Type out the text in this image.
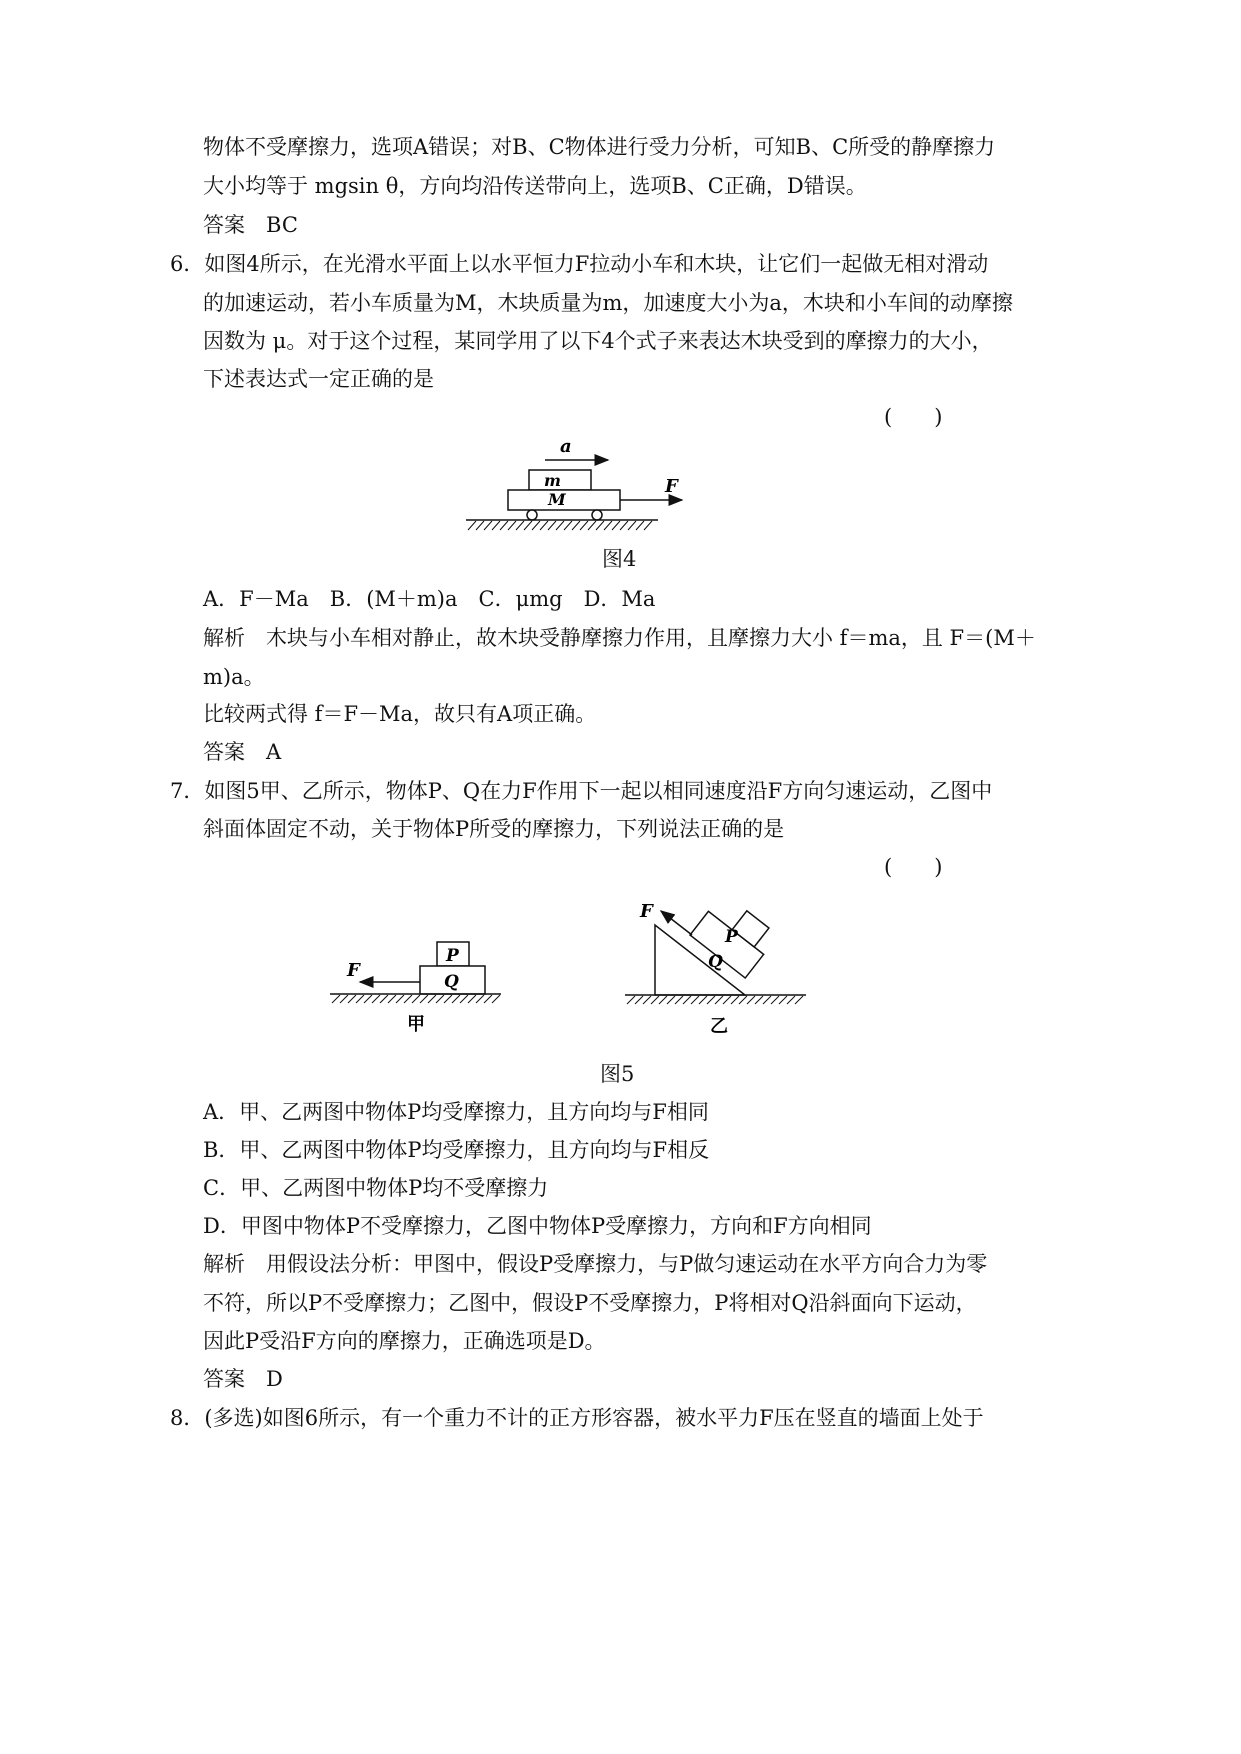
物体不受摩擦力，选项A错误；对B、C物体进行受力分析，可知B、C所受的静摩擦力
大小均等于 mgsin θ，方向均沿传送带向上，选项B、C正确，D错误。
答案　BC
6．如图4所示，在光滑水平面上以水平恒力F拉动小车和木块，让它们一起做无相对滑动
的加速运动，若小车质量为M，木块质量为m，加速度大小为a，木块和小车间的动摩擦
因数为 μ。对于这个过程，某同学用了以下4个式子来表达木块受到的摩擦力的大小，
下述表达式一定正确的是
(　　)
a
m
M
F
图4
A．F－Ma　B．(M＋m)a　C．μmg　D．Ma
解析　木块与小车相对静止，故木块受静摩擦力作用，且摩擦力大小 f＝ma，且 F＝(M＋
m)a。
比较两式得 f＝F－Ma，故只有A项正确。
答案　A
7．如图5甲、乙所示，物体P、Q在力F作用下一起以相同速度沿F方向匀速运动，乙图中
斜面体固定不动，关于物体P所受的摩擦力，下列说法正确的是
(　　)
P
Q
F
甲
Q
P
F
乙
图5
A．甲、乙两图中物体P均受摩擦力，且方向均与F相同
B．甲、乙两图中物体P均受摩擦力，且方向均与F相反
C．甲、乙两图中物体P均不受摩擦力
D．甲图中物体P不受摩擦力，乙图中物体P受摩擦力，方向和F方向相同
解析　用假设法分析：甲图中，假设P受摩擦力，与P做匀速运动在水平方向合力为零
不符，所以P不受摩擦力；乙图中，假设P不受摩擦力，P将相对Q沿斜面向下运动，
因此P受沿F方向的摩擦力，正确选项是D。
答案　D
8．(多选)如图6所示，有一个重力不计的正方形容器，被水平力F压在竖直的墙面上处于
